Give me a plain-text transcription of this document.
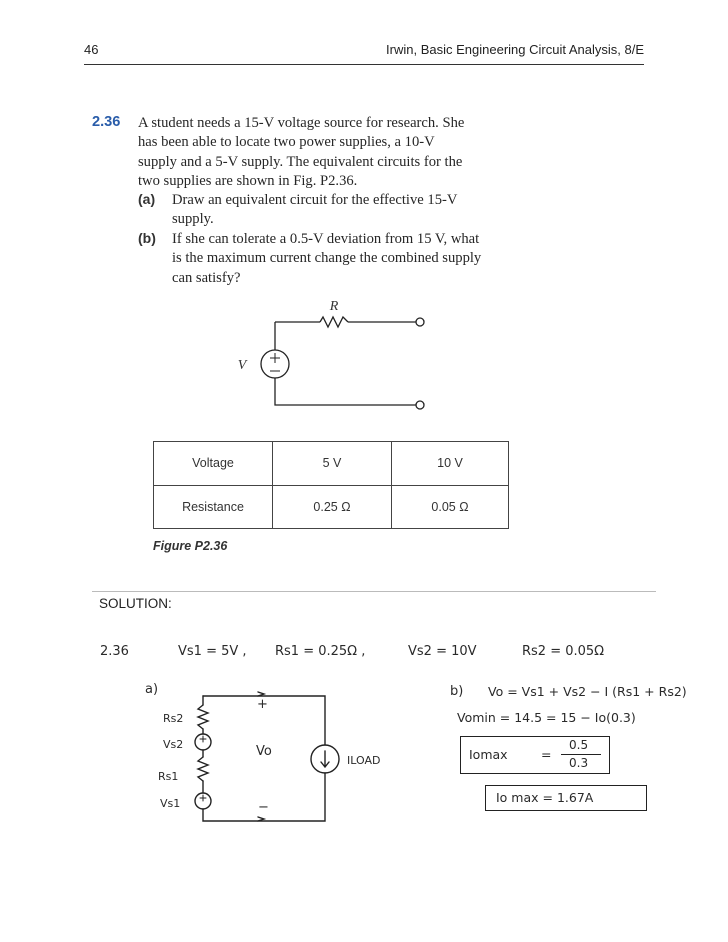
46	Irwin, Basic Engineering Circuit Analysis, 8/E
2.36 A student needs a 15-V voltage source for research. She
has been able to locate two power supplies, a 10-V
supply and a 5-V supply. The equivalent circuits for the
two supplies are shown in Fig. P2.36.
(a) Draw an equivalent circuit for the effective 15-V
supply.
(b) If she can tolerate a 0.5-V deviation from 15 V, what
is the maximum current change the combined supply
can satisfy?
R
V
Voltage	5 V	10 V
Resistance	0.25 Ω	0.05 Ω
Figure P2.36
SOLUTION:
2.36	Vs1 = 5V , Rs1 = 0.25Ω ,	Vs2 = 10V	Rs2 = 0.05Ω
a)
Rs2
Vs2
Rs1
Vs1
+
Vo
−
ILOAD
b) Vo = Vs1 + Vs2 − I (Rs1 + Rs2)
Vomin = 14.5 = 15 − Io(0.3)
Iomax	=
0.5
0.3
Io max = 1.67A
